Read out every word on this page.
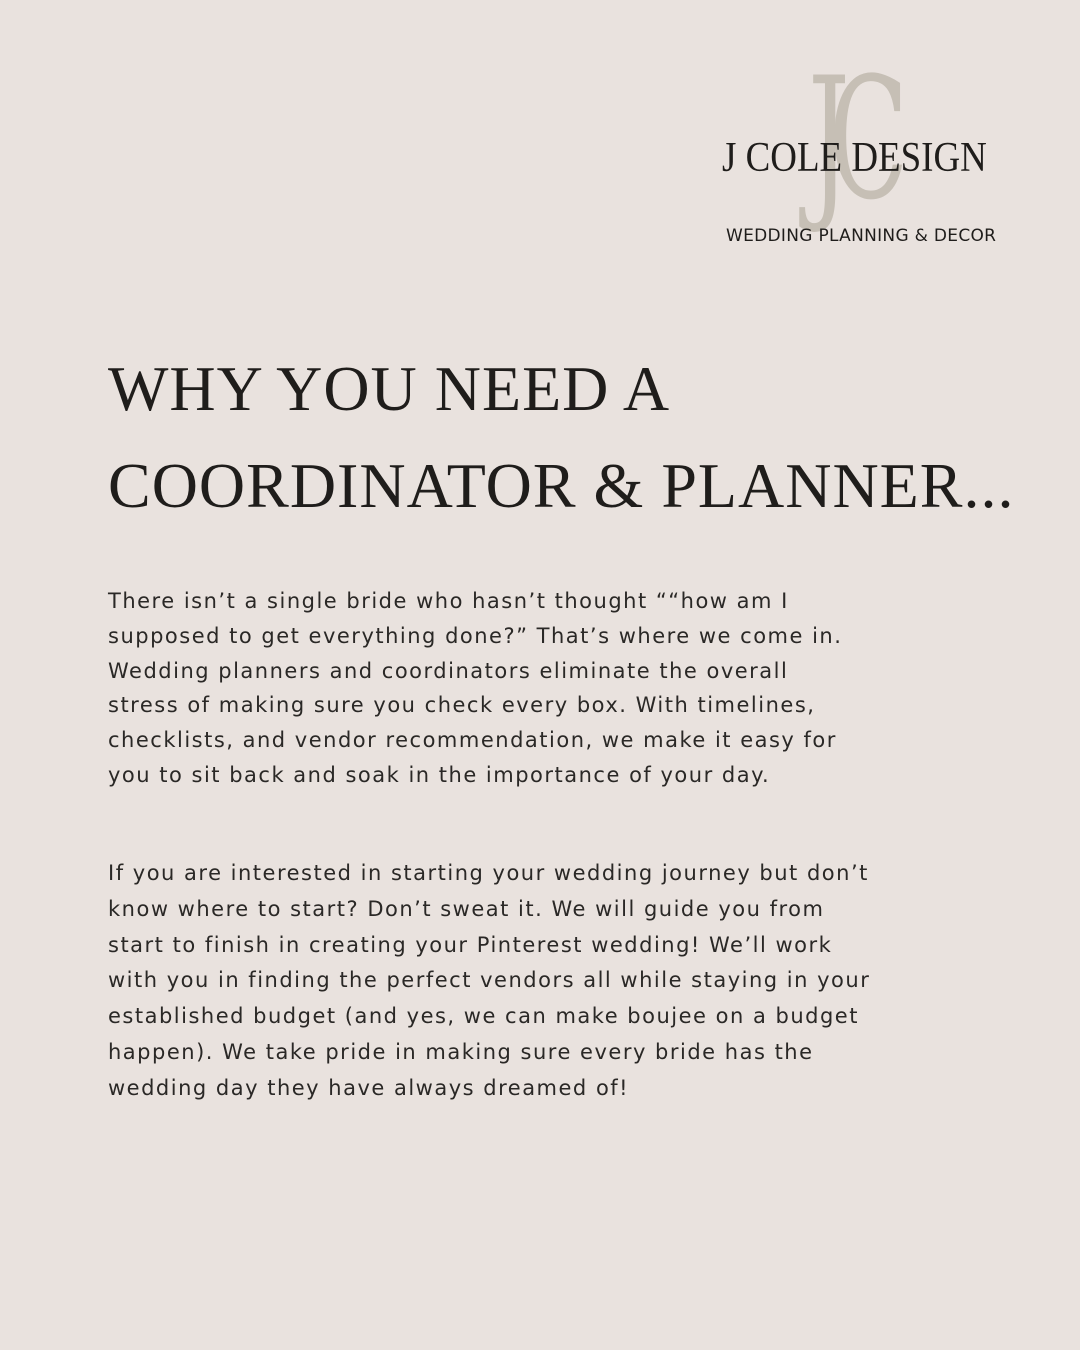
JC
J COLE DESIGN
WEDDING PLANNING & DECOR
WHY YOU NEED A
COORDINATOR & PLANNER...

There isn’t a single bride who hasn’t thought ““how am I
supposed to get everything done?” That’s where we come in.
Wedding planners and coordinators eliminate the overall
stress of making sure you check every box. With timelines,
checklists, and vendor recommendation, we make it easy for
you to sit back and soak in the importance of your day.

If you are interested in starting your wedding journey but don’t
know where to start? Don’t sweat it. We will guide you from
start to finish in creating your Pinterest wedding! We’ll work
with you in finding the perfect vendors all while staying in your
established budget (and yes, we can make boujee on a budget
happen). We take pride in making sure every bride has the
wedding day they have always dreamed of!
